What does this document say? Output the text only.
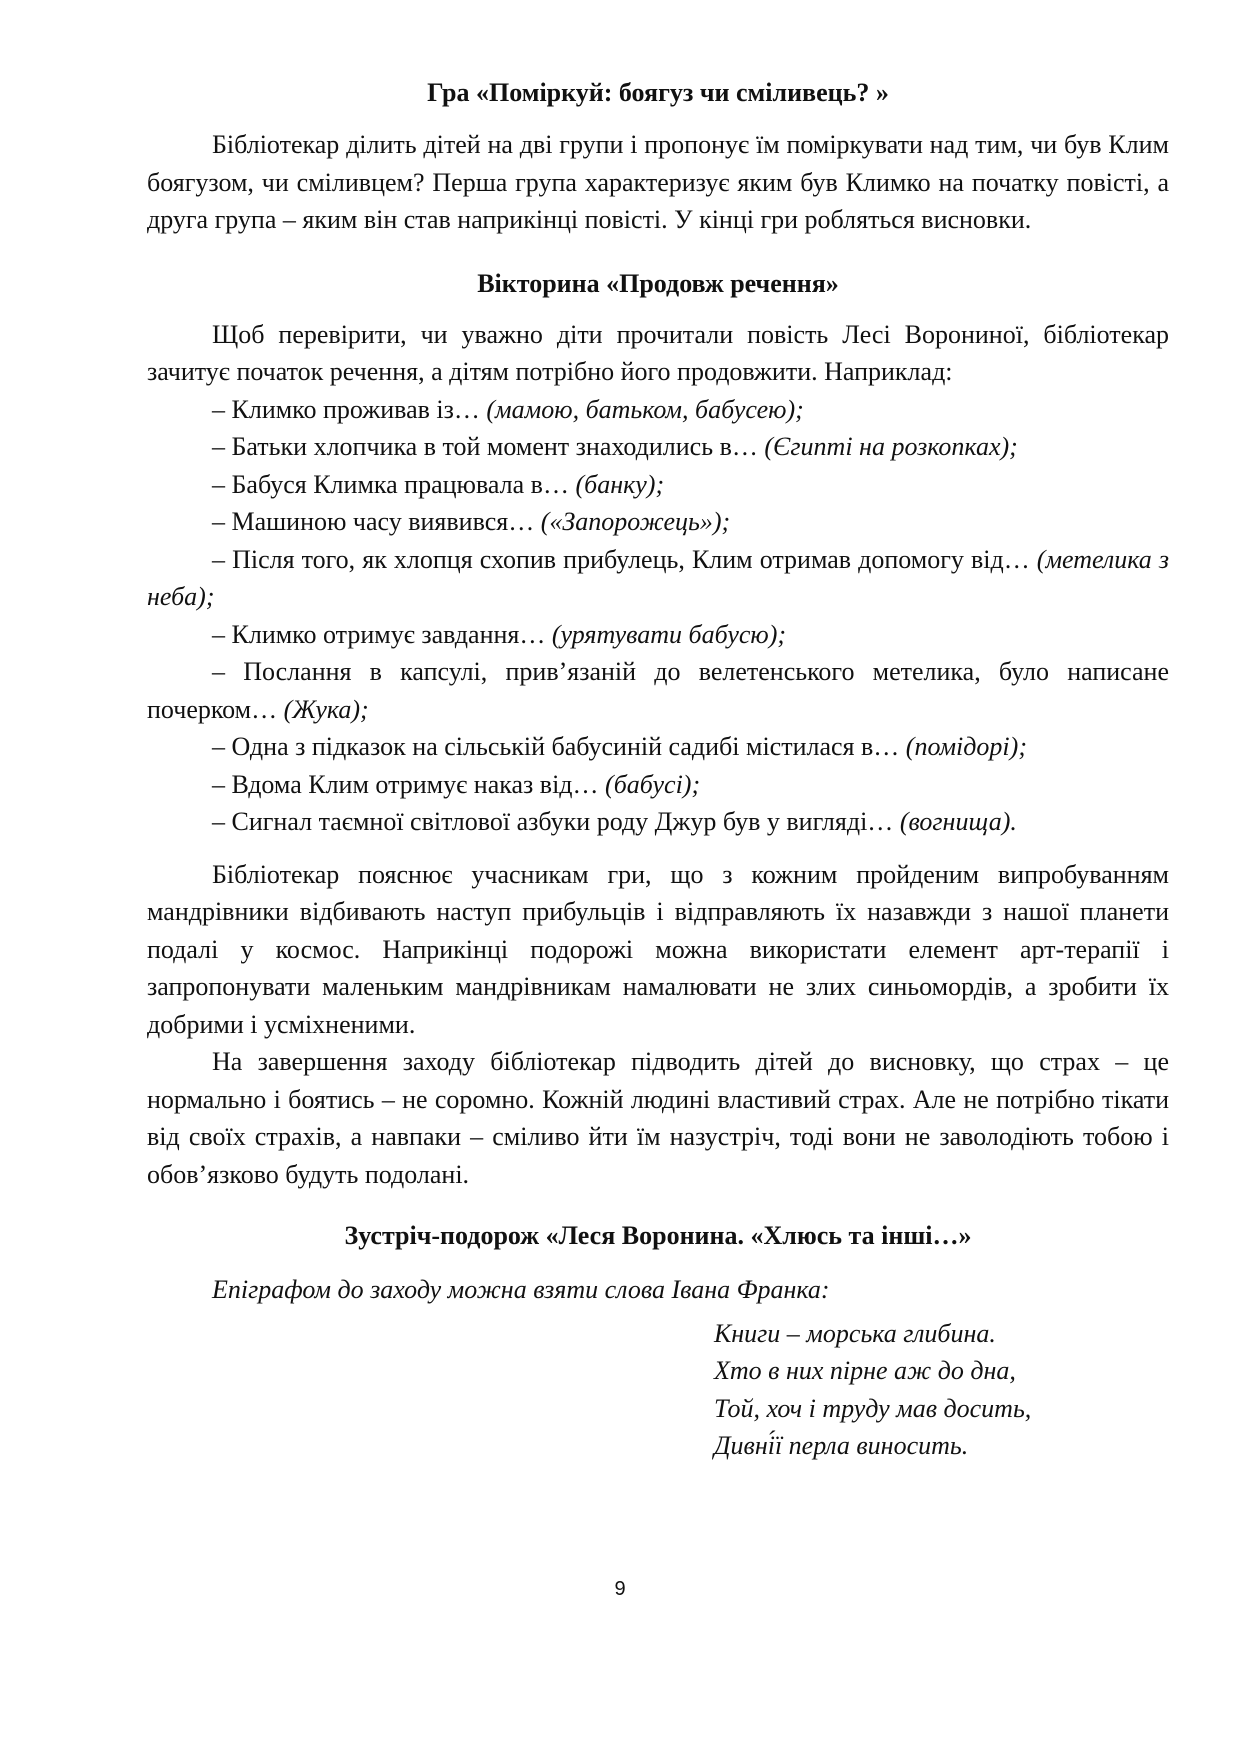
Гра «Поміркуй: боягуз чи сміливець? »

Бібліотекар ділить дітей на дві групи і пропонує їм поміркувати над тим, чи був Клим боягузом, чи сміливцем? Перша група характеризує яким був Климко на початку повісті, а друга група – яким він став наприкінці повісті. У кінці гри робляться висновки.

Вікторина «Продовж речення»

Щоб перевірити, чи уважно діти прочитали повість Лесі Ворониної, бібліотекар зачитує початок речення, а дітям потрібно його продовжити. Наприклад:

– Климко проживав із… (мамою, батьком, бабусею);

– Батьки хлопчика в той момент знаходились в… (Єгипті на розкопках);

– Бабуся Климка працювала в… (банку);

– Машиною часу виявився… («Запорожець»);

– Після того, як хлопця схопив прибулець, Клим отримав допомогу від… (метелика з неба);

– Климко отримує завдання… (урятувати бабусю);

– Послання в капсулі, прив’язаній до велетенського метелика, було написане почерком… (Жука);

– Одна з підказок на сільській бабусиній садибі містилася в… (помідорі);

– Вдома Клим отримує наказ від… (бабусі);

– Сигнал таємної світлової азбуки роду Джур був у вигляді… (вогнища).

Бібліотекар пояснює учасникам гри, що з кожним пройденим випробуванням мандрівники відбивають наступ прибульців і відправляють їх назавжди з нашої планети подалі у космос. Наприкінці подорожі можна використати елемент арт-терапії і запропонувати маленьким мандрівникам намалювати не злих синьомордів, а зробити їх добрими і усміхненими.

На завершення заходу бібліотекар підводить дітей до висновку, що страх – це нормально і боятись – не соромно. Кожній людині властивий страх. Але не потрібно тікати від своїх страхів, а навпаки – сміливо йти їм назустріч, тоді вони не заволодіють тобою і обов’язково будуть подолані.

Зустріч-подорож «Леся Воронина. «Хлюсь та інші…»

Епіграфом до заходу можна взяти слова Івана Франка:

Книги – морська глибина.
Хто в них пірне аж до дна,
Той, хоч і труду мав досить,
Дивні́ї перла виносить.
9
